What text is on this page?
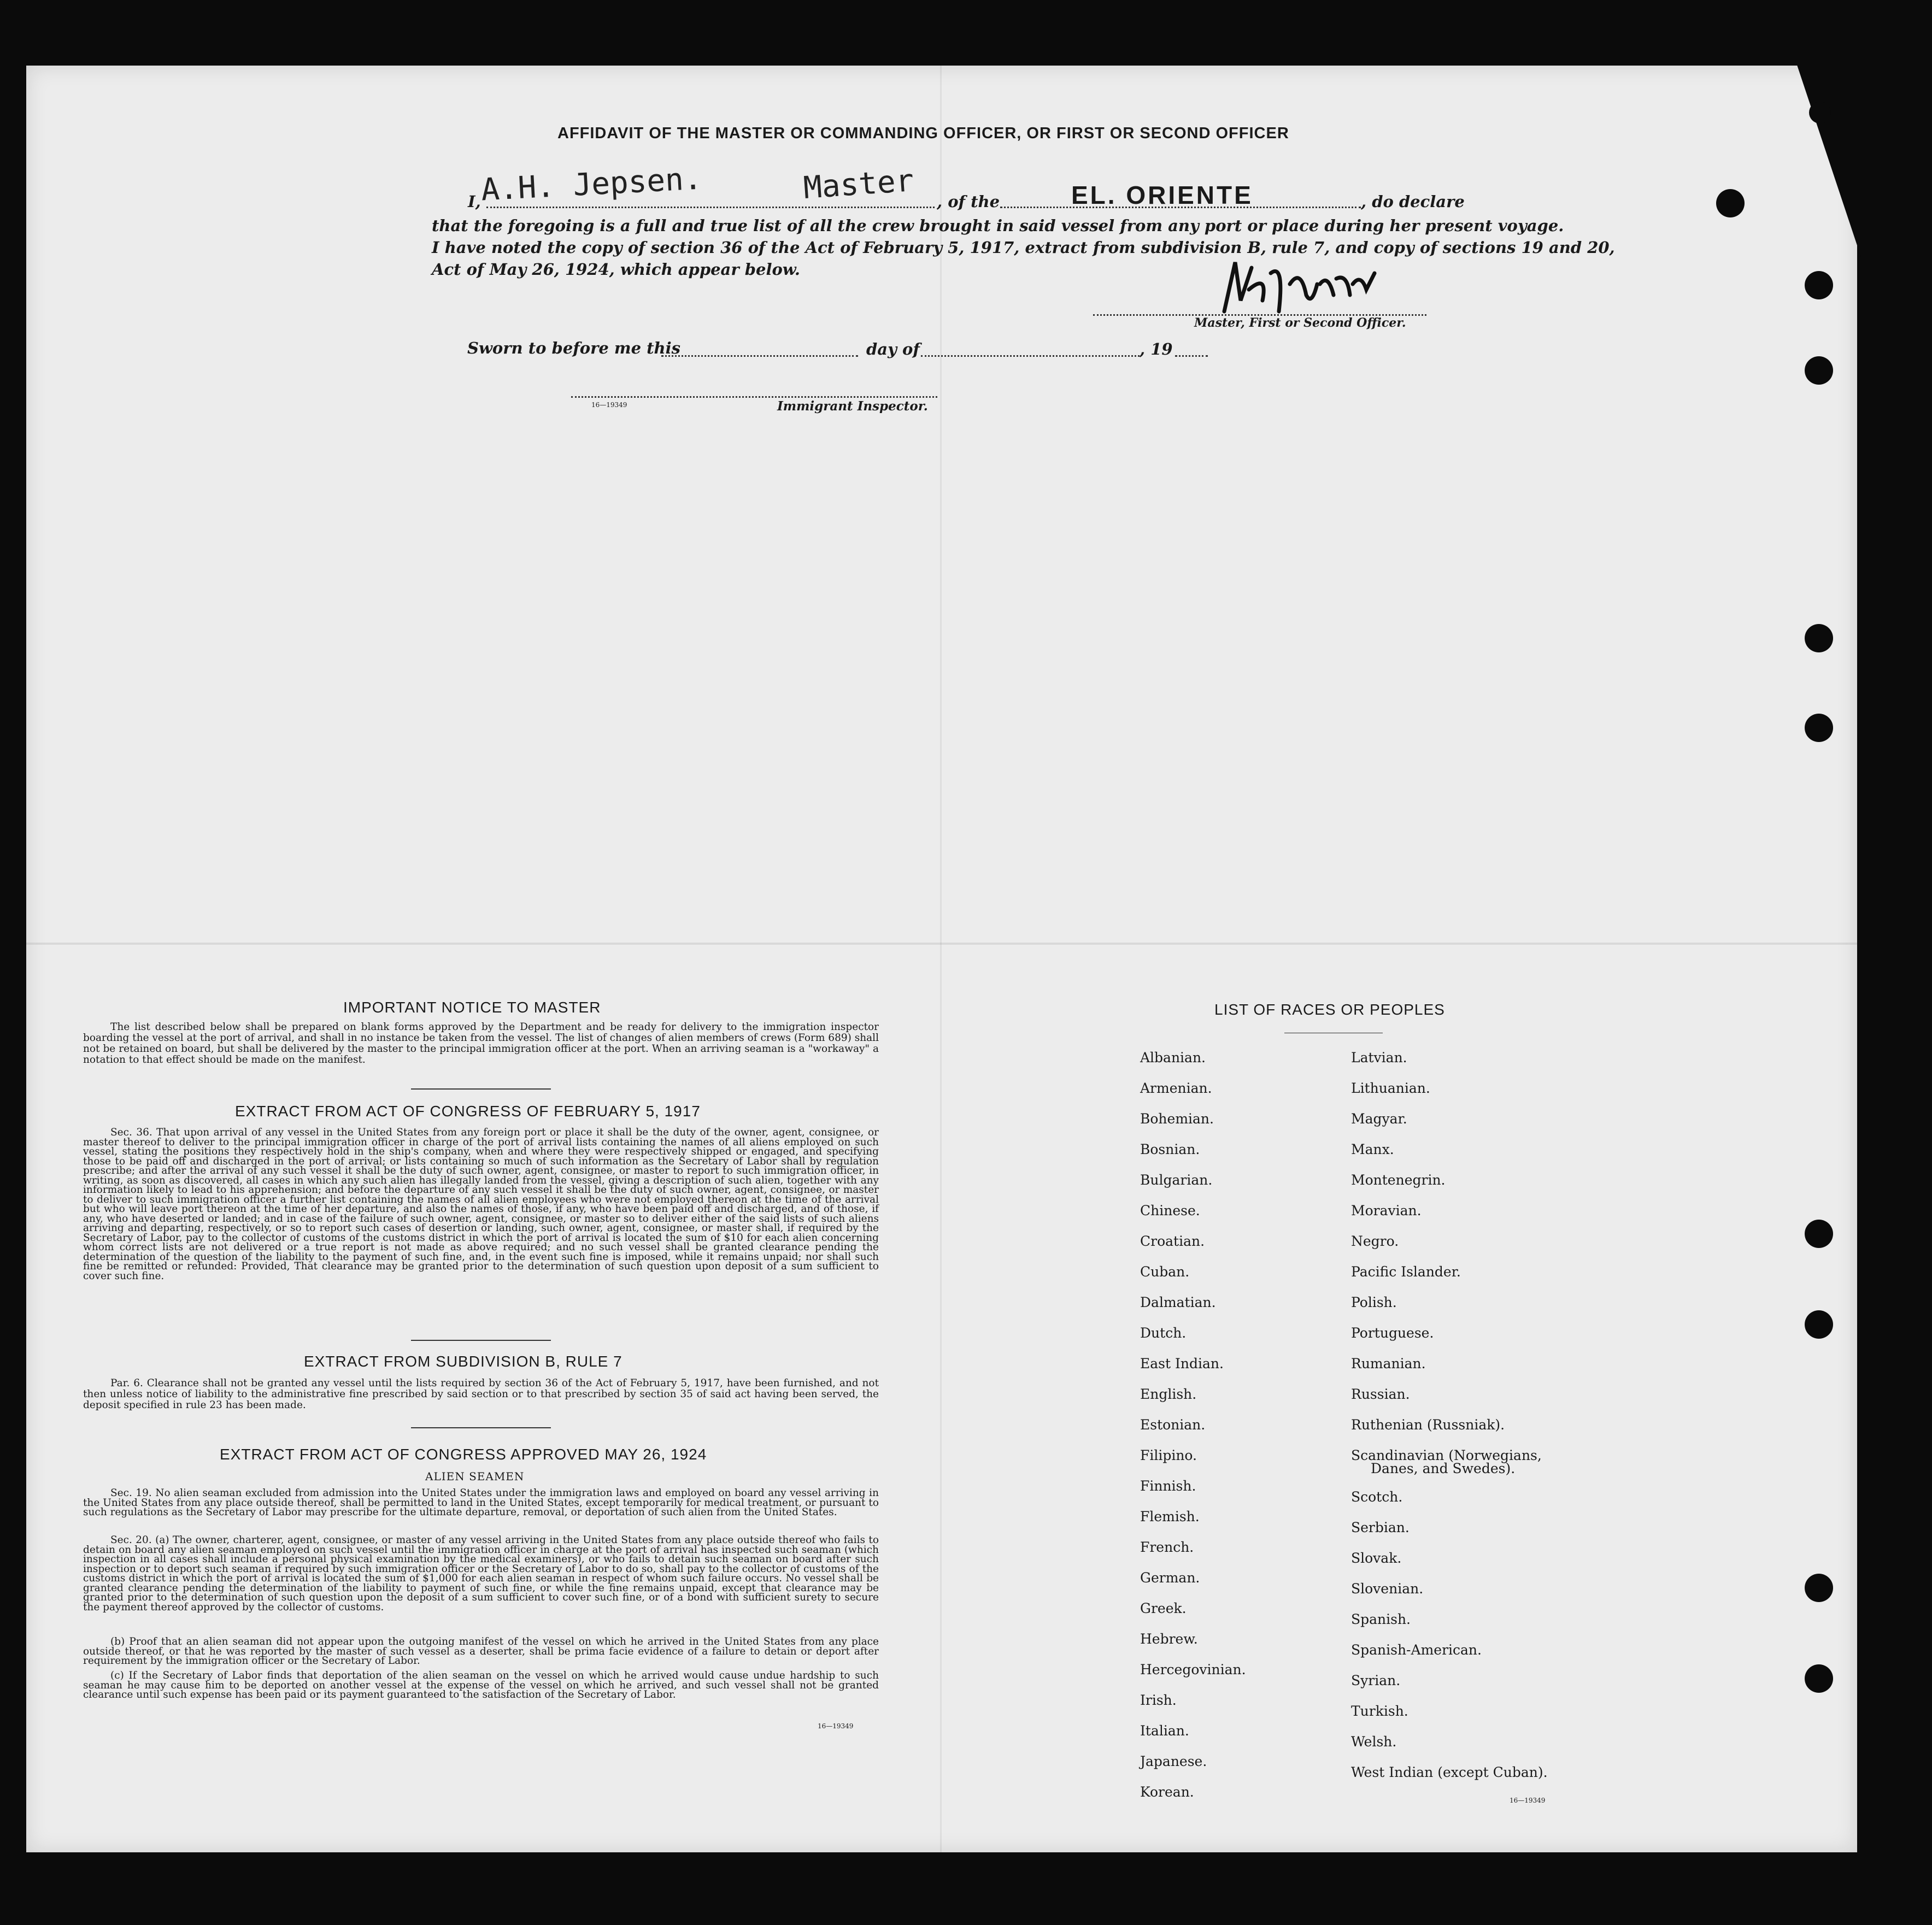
AFFIDAVIT OF THE MASTER OR COMMANDING OFFICER, OR FIRST OR SECOND OFFICER
I,
A.H. Jepsen.	Master , of the	EL. ORIENTE	, do declare
that the foregoing is a full and true list of all the crew brought in said vessel from any port or place during her present voyage.
I have noted the copy of section 36 of the Act of February 5, 1917, extract from subdivision B, rule 7, and copy of sections 19 and 20,
Act of May 26, 1924, which appear below.
Master, First or Second Officer.
Sworn to before me this	day of	, 19
16—19349	Immigrant Inspector.
IMPORTANT NOTICE TO MASTER
The list described below shall be prepared on blank forms approved by the Department and be ready for delivery to the immigration inspector boarding the vessel at the port of arrival, and shall in no instance be taken from the vessel. The list of changes of alien members of crews (Form 689) shall not be retained on board, but shall be delivered by the master to the principal immigration officer at the port. When an arriving seaman is a "workaway" a notation to that effect should be made on the manifest.
EXTRACT FROM ACT OF CONGRESS OF FEBRUARY 5, 1917
Sec. 36. That upon arrival of any vessel in the United States from any foreign port or place it shall be the duty of the owner, agent, consignee, or master thereof to deliver to the principal immigration officer in charge of the port of arrival lists containing the names of all aliens employed on such vessel, stating the positions they respectively hold in the ship's company, when and where they were respectively shipped or engaged, and specifying those to be paid off and discharged in the port of arrival; or lists containing so much of such information as the Secretary of Labor shall by regulation prescribe; and after the arrival of any such vessel it shall be the duty of such owner, agent, consignee, or master to report to such immigration officer, in writing, as soon as discovered, all cases in which any such alien has illegally landed from the vessel, giving a description of such alien, together with any information likely to lead to his apprehension; and before the departure of any such vessel it shall be the duty of such owner, agent, consignee, or master to deliver to such immigration officer a further list containing the names of all alien employees who were not employed thereon at the time of the arrival but who will leave port thereon at the time of her departure, and also the names of those, if any, who have been paid off and discharged, and of those, if any, who have deserted or landed; and in case of the failure of such owner, agent, consignee, or master so to deliver either of the said lists of such aliens arriving and departing, respectively, or so to report such cases of desertion or landing, such owner, agent, consignee, or master shall, if required by the Secretary of Labor, pay to the collector of customs of the customs district in which the port of arrival is located the sum of $10 for each alien concerning whom correct lists are not delivered or a true report is not made as above required; and no such vessel shall be granted clearance pending the determination of the question of the liability to the payment of such fine, and, in the event such fine is imposed, while it remains unpaid; nor shall such fine be remitted or refunded: Provided, That clearance may be granted prior to the determination of such question upon deposit of a sum sufficient to cover such fine.
EXTRACT FROM SUBDIVISION B, RULE 7
Par. 6. Clearance shall not be granted any vessel until the lists required by section 36 of the Act of February 5, 1917, have been furnished, and not then unless notice of liability to the administrative fine prescribed by said section or to that prescribed by section 35 of said act having been served, the deposit specified in rule 23 has been made.
EXTRACT FROM ACT OF CONGRESS APPROVED MAY 26, 1924
ALIEN SEAMEN
Sec. 19. No alien seaman excluded from admission into the United States under the immigration laws and employed on board any vessel arriving in the United States from any place outside thereof, shall be permitted to land in the United States, except temporarily for medical treatment, or pursuant to such regulations as the Secretary of Labor may prescribe for the ultimate departure, removal, or deportation of such alien from the United States.
Sec. 20. (a) The owner, charterer, agent, consignee, or master of any vessel arriving in the United States from any place outside thereof who fails to detain on board any alien seaman employed on such vessel until the immigration officer in charge at the port of arrival has inspected such seaman (which inspection in all cases shall include a personal physical examination by the medical examiners), or who fails to detain such seaman on board after such inspection or to deport such seaman if required by such immigration officer or the Secretary of Labor to do so, shall pay to the collector of customs of the customs district in which the port of arrival is located the sum of $1,000 for each alien seaman in respect of whom such failure occurs. No vessel shall be granted clearance pending the determination of the liability to payment of such fine, or while the fine remains unpaid, except that clearance may be granted prior to the determination of such question upon the deposit of a sum sufficient to cover such fine, or of a bond with sufficient surety to secure the payment thereof approved by the collector of customs.
(b) Proof that an alien seaman did not appear upon the outgoing manifest of the vessel on which he arrived in the United States from any place outside thereof, or that he was reported by the master of such vessel as a deserter, shall be prima facie evidence of a failure to detain or deport after requirement by the immigration officer or the Secretary of Labor.
(c) If the Secretary of Labor finds that deportation of the alien seaman on the vessel on which he arrived would cause undue hardship to such seaman he may cause him to be deported on another vessel at the expense of the vessel on which he arrived, and such vessel shall not be granted clearance until such expense has been paid or its payment guaranteed to the satisfaction of the Secretary of Labor.
16—19349
LIST OF RACES OR PEOPLES
Albanian.
Armenian.
Bohemian.
Bosnian.
Bulgarian.
Chinese.
Croatian.
Cuban.
Dalmatian.
Dutch.
East Indian.
English.
Estonian.
Filipino.
Finnish.
Flemish.
French.
German.
Greek.
Hebrew.
Hercegovinian.
Irish.
Italian.
Japanese.
Korean.
Latvian.
Lithuanian.
Magyar.
Manx.
Montenegrin.
Moravian.
Negro.
Pacific Islander.
Polish.
Portuguese.
Rumanian.
Russian.
Ruthenian (Russniak).
Scandinavian (Norwegians,
Danes, and Swedes).
Scotch.
Serbian.
Slovak.
Slovenian.
Spanish.
Spanish-American.
Syrian.
Turkish.
Welsh.
West Indian (except Cuban).
16—19349
